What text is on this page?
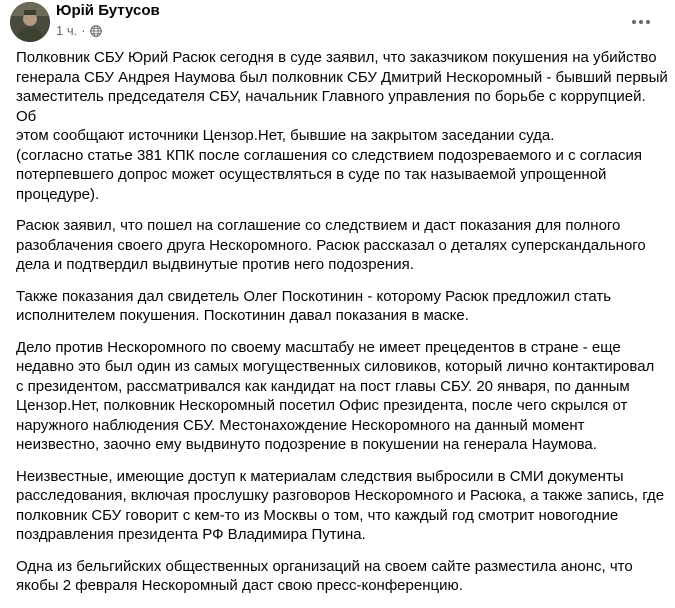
Юрій Бутусов
1 ч. ·

Полковник СБУ Юрий Расюк сегодня в суде заявил, что заказчиком покушения на убийство
генерала СБУ Андрея Наумова был полковник СБУ Дмитрий Нескоромный - бывший первый
заместитель председателя СБУ, начальник Главного управления по борьбе с коррупцией. Об
этом сообщают источники Цензор.Нет, бывшие на закрытом заседании суда.
(согласно статье 381 КПК после соглашения со следствием подозреваемого и с согласия
потерпевшего допрос может осуществляться в суде по так называемой упрощенной
процедуре).

Расюк заявил, что пошел на соглашение со следствием и даст показания для полного
разоблачения своего друга Нескоромного. Расюк рассказал о деталях суперскандального
дела и подтвердил выдвинутые против него подозрения.

Также показания дал свидетель Олег Поскотинин - которому Расюк предложил стать
исполнителем покушения. Поскотинин давал показания в маске.

Дело против Нескоромного по своему масштабу не имеет прецедентов в стране - еще
недавно это был один из самых могущественных силовиков, который лично контактировал
с президентом, рассматривался как кандидат на пост главы СБУ. 20 января, по данным
Цензор.Нет, полковник Нескоромный посетил Офис президента, после чего скрылся от
наружного наблюдения СБУ. Местонахождение Нескоромного на данный момент
неизвестно, заочно ему выдвинуто подозрение в покушении на генерала Наумова.

Неизвестные, имеющие доступ к материалам следствия выбросили в СМИ документы
расследования, включая прослушку разговоров Нескоромного и Расюка, а также запись, где
полковник СБУ говорит с кем-то из Москвы о том, что каждый год смотрит новогодние
поздравления президента РФ Владимира Путина.

Одна из бельгийских общественных организаций на своем сайте разместила анонс, что
якобы 2 февраля Нескоромный даст свою пресс-конференцию.
